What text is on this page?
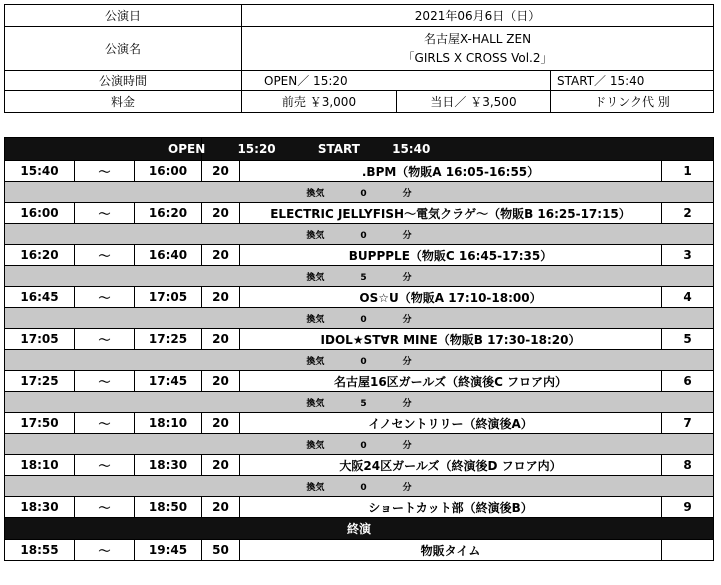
公演日	2021年06月6日（日）		
公演名	名古屋X-HALL ZEN
「GIRLS X CROSS Vol.2」		

公演時間	OPEN／ 15:20		START／ 15:40
料金	前売 ￥3,000	当日／ ￥3,500	ドリンク代 別
			OPEN 15:20 START 15:40		
15:40	〜	16:00	20	.BPM（物販A 16:05-16:55）	1
換気 0 分					
16:00	〜	16:20	20	ELECTRIC JELLYFISH〜電気クラゲ〜（物販B 16:25-17:15）	2
換気 0 分					
16:20	〜	16:40	20	BUPPPLE（物販C 16:45-17:35）	3
換気 5 分					
16:45	〜	17:05	20	OS☆U（物販A 17:10-18:00）	4
換気 0 分					
17:05	〜	17:25	20	IDOL★ST∀R MINE（物販B 17:30-18:20）	5
換気 0 分					
17:25	〜	17:45	20	名古屋16区ガールズ（終演後C フロア内）	6
換気 5 分					
17:50	〜	18:10	20	イノセントリリー（終演後A）	7
換気 0 分					
18:10	〜	18:30	20	大阪24区ガールズ（終演後D フロア内）	8
換気 0 分					
18:30	〜	18:50	20	ショートカット部（終演後B）	9
終演					
18:55	〜	19:45	50	物販タイム	
